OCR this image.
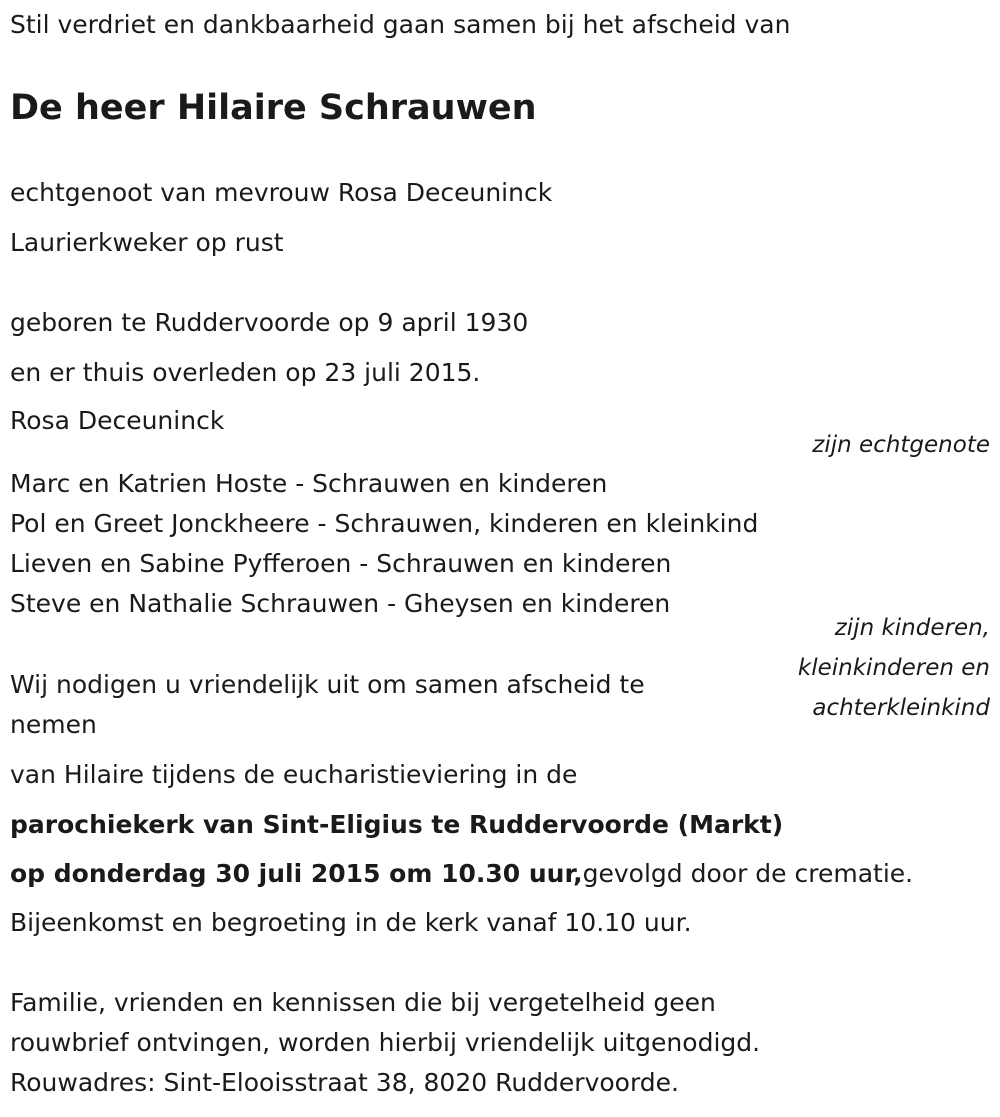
Stil verdriet en dankbaarheid gaan samen bij het afscheid van

De heer Hilaire Schrauwen

echtgenoot van mevrouw Rosa Deceuninck

Laurierkweker op rust

geboren te Ruddervoorde op 9 april 1930

en er thuis overleden op 23 juli 2015.

Rosa Deceuninck

zijn echtgenote

Marc en Katrien Hoste - Schrauwen en kinderen

Pol en Greet Jonckheere - Schrauwen, kinderen en kleinkind

Lieven en Sabine Pyfferoen - Schrauwen en kinderen

Steve en Nathalie Schrauwen - Gheysen en kinderen

zijn kinderen,
kleinkinderen en
achterkleinkind

Wij nodigen u vriendelijk uit om samen afscheid te

nemen

van Hilaire tijdens de eucharistieviering in de

parochiekerk van Sint-Eligius te Ruddervoorde (Markt)

op donderdag 30 juli 2015 om 10.30 uur,gevolgd door de crematie.

Bijeenkomst en begroeting in de kerk vanaf 10.10 uur.

Familie, vrienden en kennissen die bij vergetelheid geen

rouwbrief ontvingen, worden hierbij vriendelijk uitgenodigd.

Rouwadres: Sint-Elooisstraat 38, 8020 Ruddervoorde.
